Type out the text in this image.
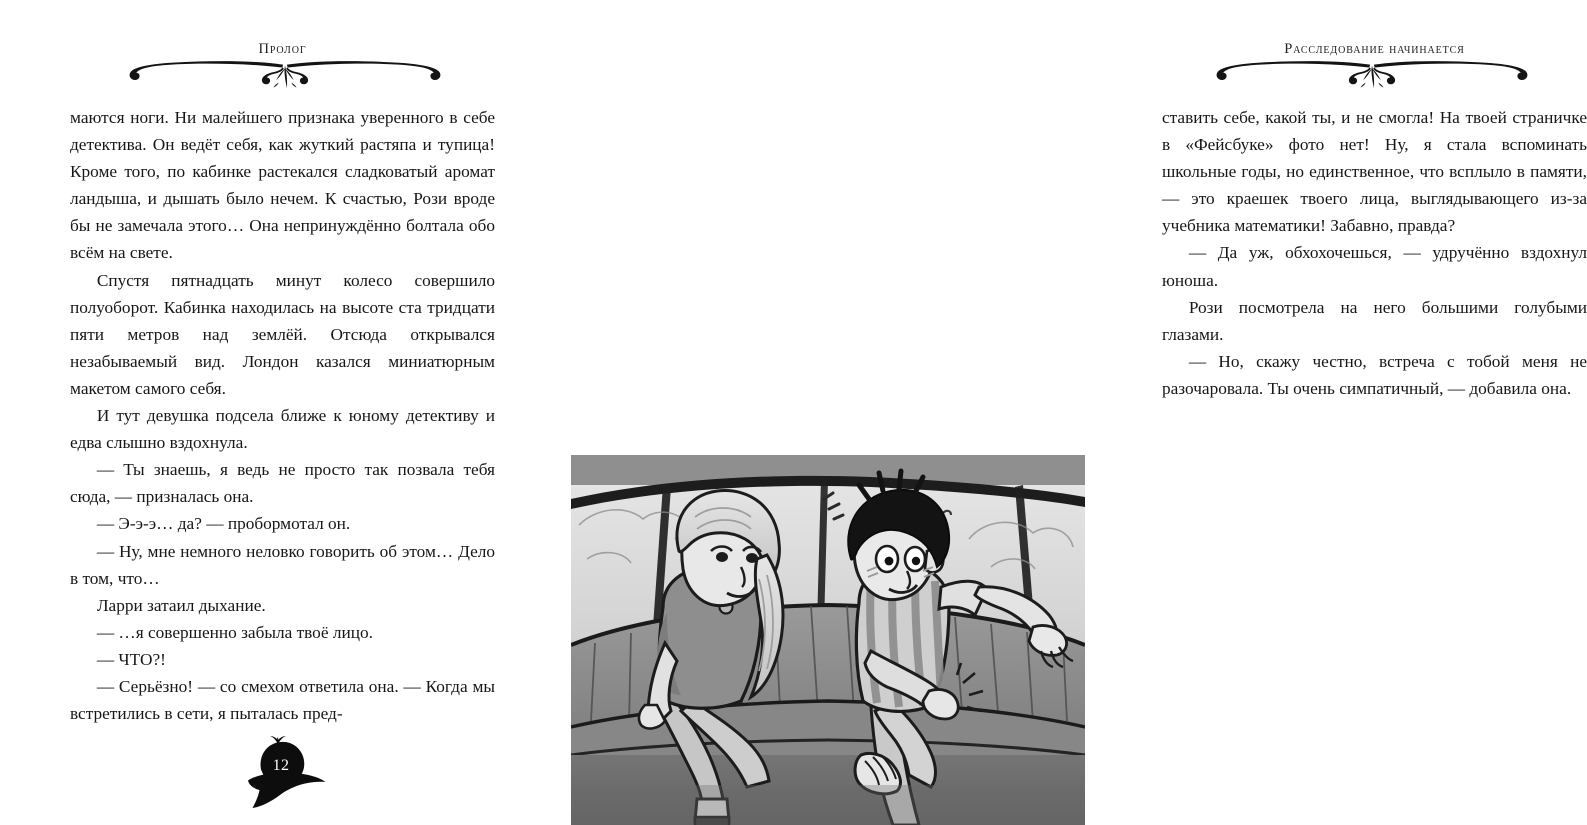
Пролог

маются ноги. Ни малейшего признака уверенного в себе детектива. Он ведёт себя, как жуткий растяпа и тупица! Кроме того, по кабинке растекался сладковатый аромат ландыша, и дышать было нечем. К счастью, Рози вроде бы не замечала этого… Она непринуждённо болтала обо всём на свете.

Спустя пятнадцать минут колесо совершило полуоборот. Кабинка находилась на высоте ста тридцати пяти метров над землёй. Отсюда открывался незабываемый вид. Лондон казался миниатюрным макетом самого себя.

И тут девушка подсела ближе к юному детективу и едва слышно вздохнула.

— Ты знаешь, я ведь не просто так позвала тебя сюда, — призналась она.

— Э-э-э… да? — пробормотал он.

— Ну, мне немного неловко говорить об этом… Дело в том, что…

Ларри затаил дыхание.

— …я совершенно забыла твоё лицо.

— ЧТО?!

— Серьёзно! — со смехом ответила она. — Когда мы встретились в сети, я пыталась пред-

12
Расследование начинается

ставить себе, какой ты, и не смогла! На твоей страничке в «Фейсбуке» фото нет! Ну, я стала вспоминать школьные годы, но единственное, что всплыло в памяти, — это краешек твоего лица, выглядывающего из-за учебника математики! Забавно, правда?

— Да уж, обхохочешься, — удручённо вздохнул юноша.

Рози посмотрела на него большими голубыми глазами.

— Но, скажу честно, встреча с тобой меня не разочаровала. Ты очень симпатичный, — добавила она.
